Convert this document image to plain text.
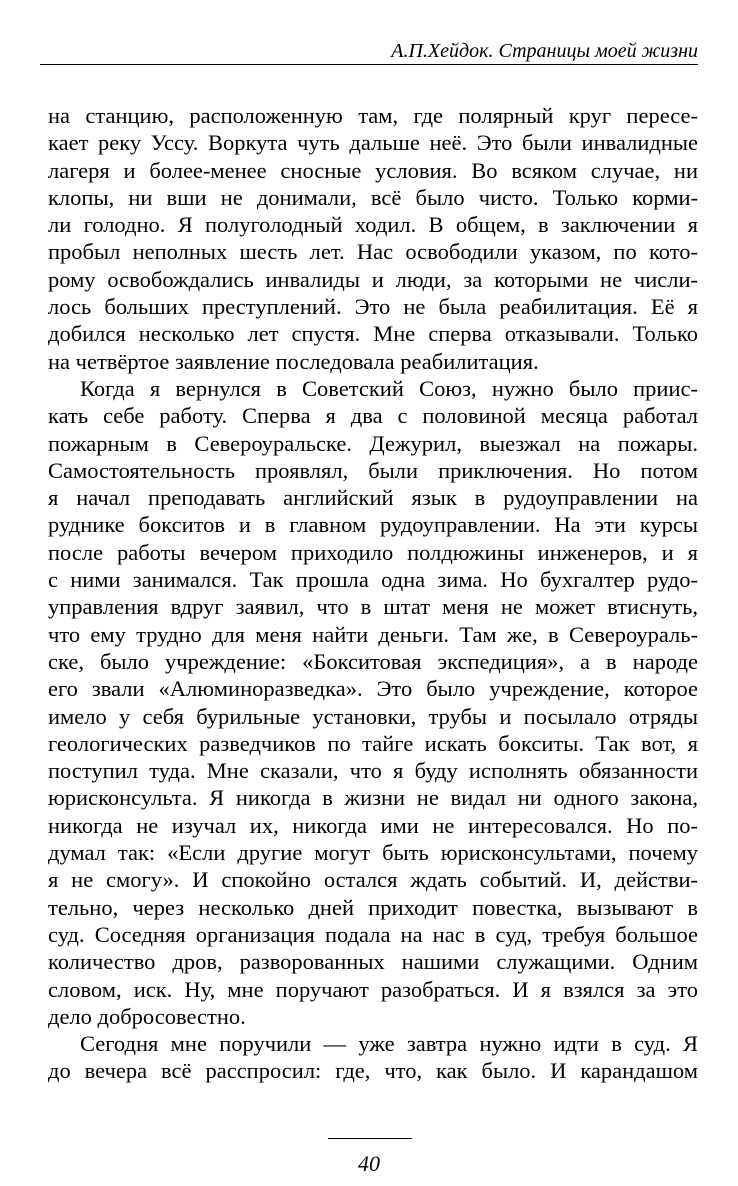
А.П.Хейдок. Страницы моей жизни
на станцию, расположенную там, где полярный круг пересе-
кает реку Уссу. Воркута чуть дальше неё. Это были инвалидные
лагеря и более-менее сносные условия. Во всяком случае, ни
клопы, ни вши не донимали, всё было чисто. Только корми-
ли голодно. Я полуголодный ходил. В общем, в заключении я
пробыл неполных шесть лет. Нас освободили указом, по кото-
рому освобождались инвалиды и люди, за которыми не числи-
лось больших преступлений. Это не была реабилитация. Её я
добился несколько лет спустя. Мне сперва отказывали. Только
на четвёртое заявление последовала реабилитация.
Когда я вернулся в Советский Союз, нужно было приис-
кать себе работу. Сперва я два с половиной месяца работал
пожарным в Североуральске. Дежурил, выезжал на пожары.
Самостоятельность проявлял, были приключения. Но потом
я начал преподавать английский язык в рудоуправлении на
руднике бокситов и в главном рудоуправлении. На эти курсы
после работы вечером приходило полдюжины инженеров, и я
с ними занимался. Так прошла одна зима. Но бухгалтер рудо-
управления вдруг заявил, что в штат меня не может втиснуть,
что ему трудно для меня найти деньги. Там же, в Североураль-
ске, было учреждение: «Бокситовая экспедиция», а в народе
его звали «Алюминоразведка». Это было учреждение, которое
имело у себя бурильные установки, трубы и посылало отряды
геологических разведчиков по тайге искать бокситы. Так вот, я
поступил туда. Мне сказали, что я буду исполнять обязанности
юрисконсульта. Я никогда в жизни не видал ни одного закона,
никогда не изучал их, никогда ими не интересовался. Но по-
думал так: «Если другие могут быть юрисконсультами, почему
я не смогу». И спокойно остался ждать событий. И, действи-
тельно, через несколько дней приходит повестка, вызывают в
суд. Соседняя организация подала на нас в суд, требуя большое
количество дров, разворованных нашими служащими. Одним
словом, иск. Ну, мне поручают разобраться. И я взялся за это
дело добросовестно.
Сегодня мне поручили — уже завтра нужно идти в суд. Я
до вечера всё расспросил: где, что, как было. И карандашом
40
